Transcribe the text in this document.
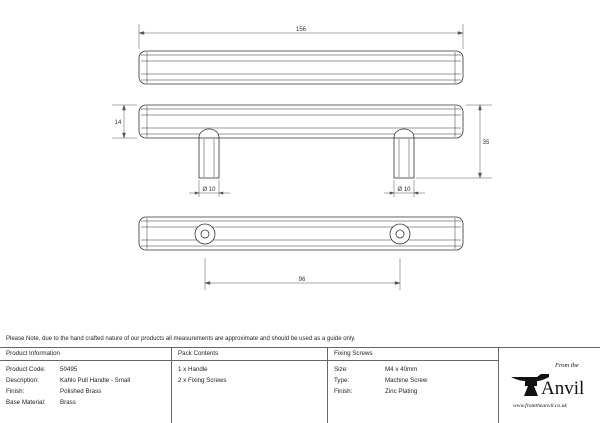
156
14
35
Ø 10	Ø 10
96
Please Note, due to the hand crafted nature of our products all measurements are approximate and should be used as a guide only.
Product Information
Product Code: 50495
Description:	Kahlo Pull Handle - Small
Finish:	Polished Brass
Base Material: Brass
Pack Contents
1 x Handle
2 x Fixing Screws
Fixing Screws
Size:	M4 x 40mm
Type:	Machine Screw
Finish:	Zinc Plating
From the
Anvil
www.fromtheanvil.co.uk
